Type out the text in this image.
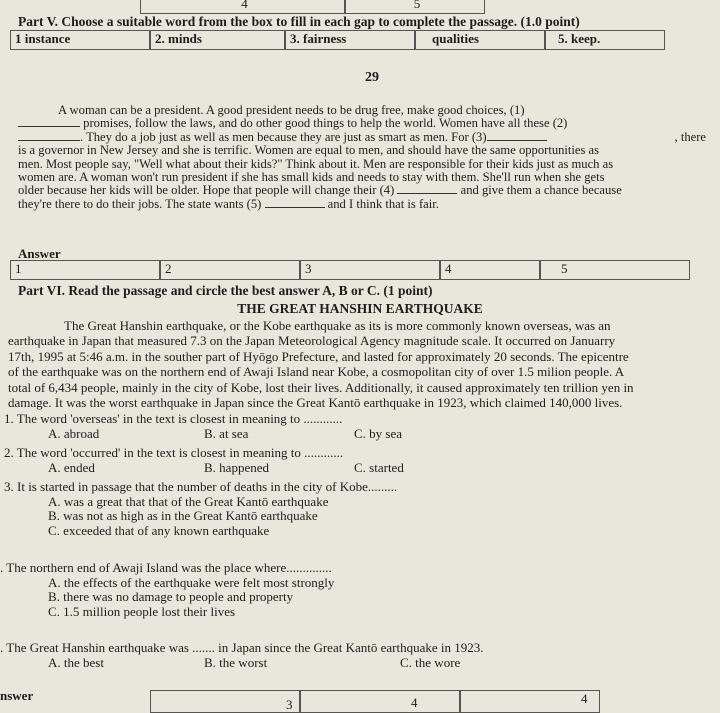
4	5
Part V. Choose a suitable word from the box to fill in each gap to complete the passage. (1.0 point)
1 instance	2. minds	3. fairness	qualities	5. keep.
29

A woman can be a president. A good president needs to be drug free, make good choices, (1)

promises, follow the laws, and do other good things to help the world. Women have all these (2)

. They do a job just as well as men because they are just as smart as men. For (3)	, there

is a governor in New Jersey and she is terrific. Women are equal to men, and should have the same opportunities as

men. Most people say, "Well what about their kids?" Think about it. Men are responsible for their kids just as much as

women are. A woman won't run president if she has small kids and needs to stay with them. She'll run when she gets

older because her kids will be older. Hope that people will change their (4)	and give them a chance because

they're there to do their jobs. The state wants (5)	and I think that is fair.

Answer
1	2	3	4	5
Part VI. Read the passage and circle the best answer A, B or C. (1 point)
THE GREAT HANSHIN EARTHQUAKE

The Great Hanshin earthquake, or the Kobe earthquake as its is more commonly known overseas, was an

earthquake in Japan that measured 7.3 on the Japan Meteorological Agency magnitude scale. It occurred on Januarry

17th, 1995 at 5:46 a.m. in the souther part of Hyōgo Prefecture, and lasted for approximately 20 seconds. The epicentre

of the earthquake was on the northern end of Awaji Island near Kobe, a cosmopolitan city of over 1.5 milion people. A

total of 6,434 people, mainly in the city of Kobe, lost their lives. Additionally, it caused approximately ten trillion yen in

damage. It was the worst earthquake in Japan since the Great Kantō earthquake in 1923, which claimed 140,000 lives.

1. The word 'overseas' in the text is closest in meaning to ............
A. abroad	B. at sea	C. by sea
2. The word 'occurred' in the text is closest in meaning to ............
A. ended	B. happened	C. started
3. It is started in passage that the number of deaths in the city of Kobe.........
A. was a great that that of the Great Kantō earthquake
B. was not as high as in the Great Kantō earthquake
C. exceeded that of any known earthquake
. The northern end of Awaji Island was the place where..............
A. the effects of the earthquake were felt most strongly
B. there was no damage to people and property
C. 1.5 million people lost their lives
. The Great Hanshin earthquake was ....... in Japan since the Great Kantō earthquake in 1923.
A. the best	B. the worst	C. the wore
nswer
3	4	4
